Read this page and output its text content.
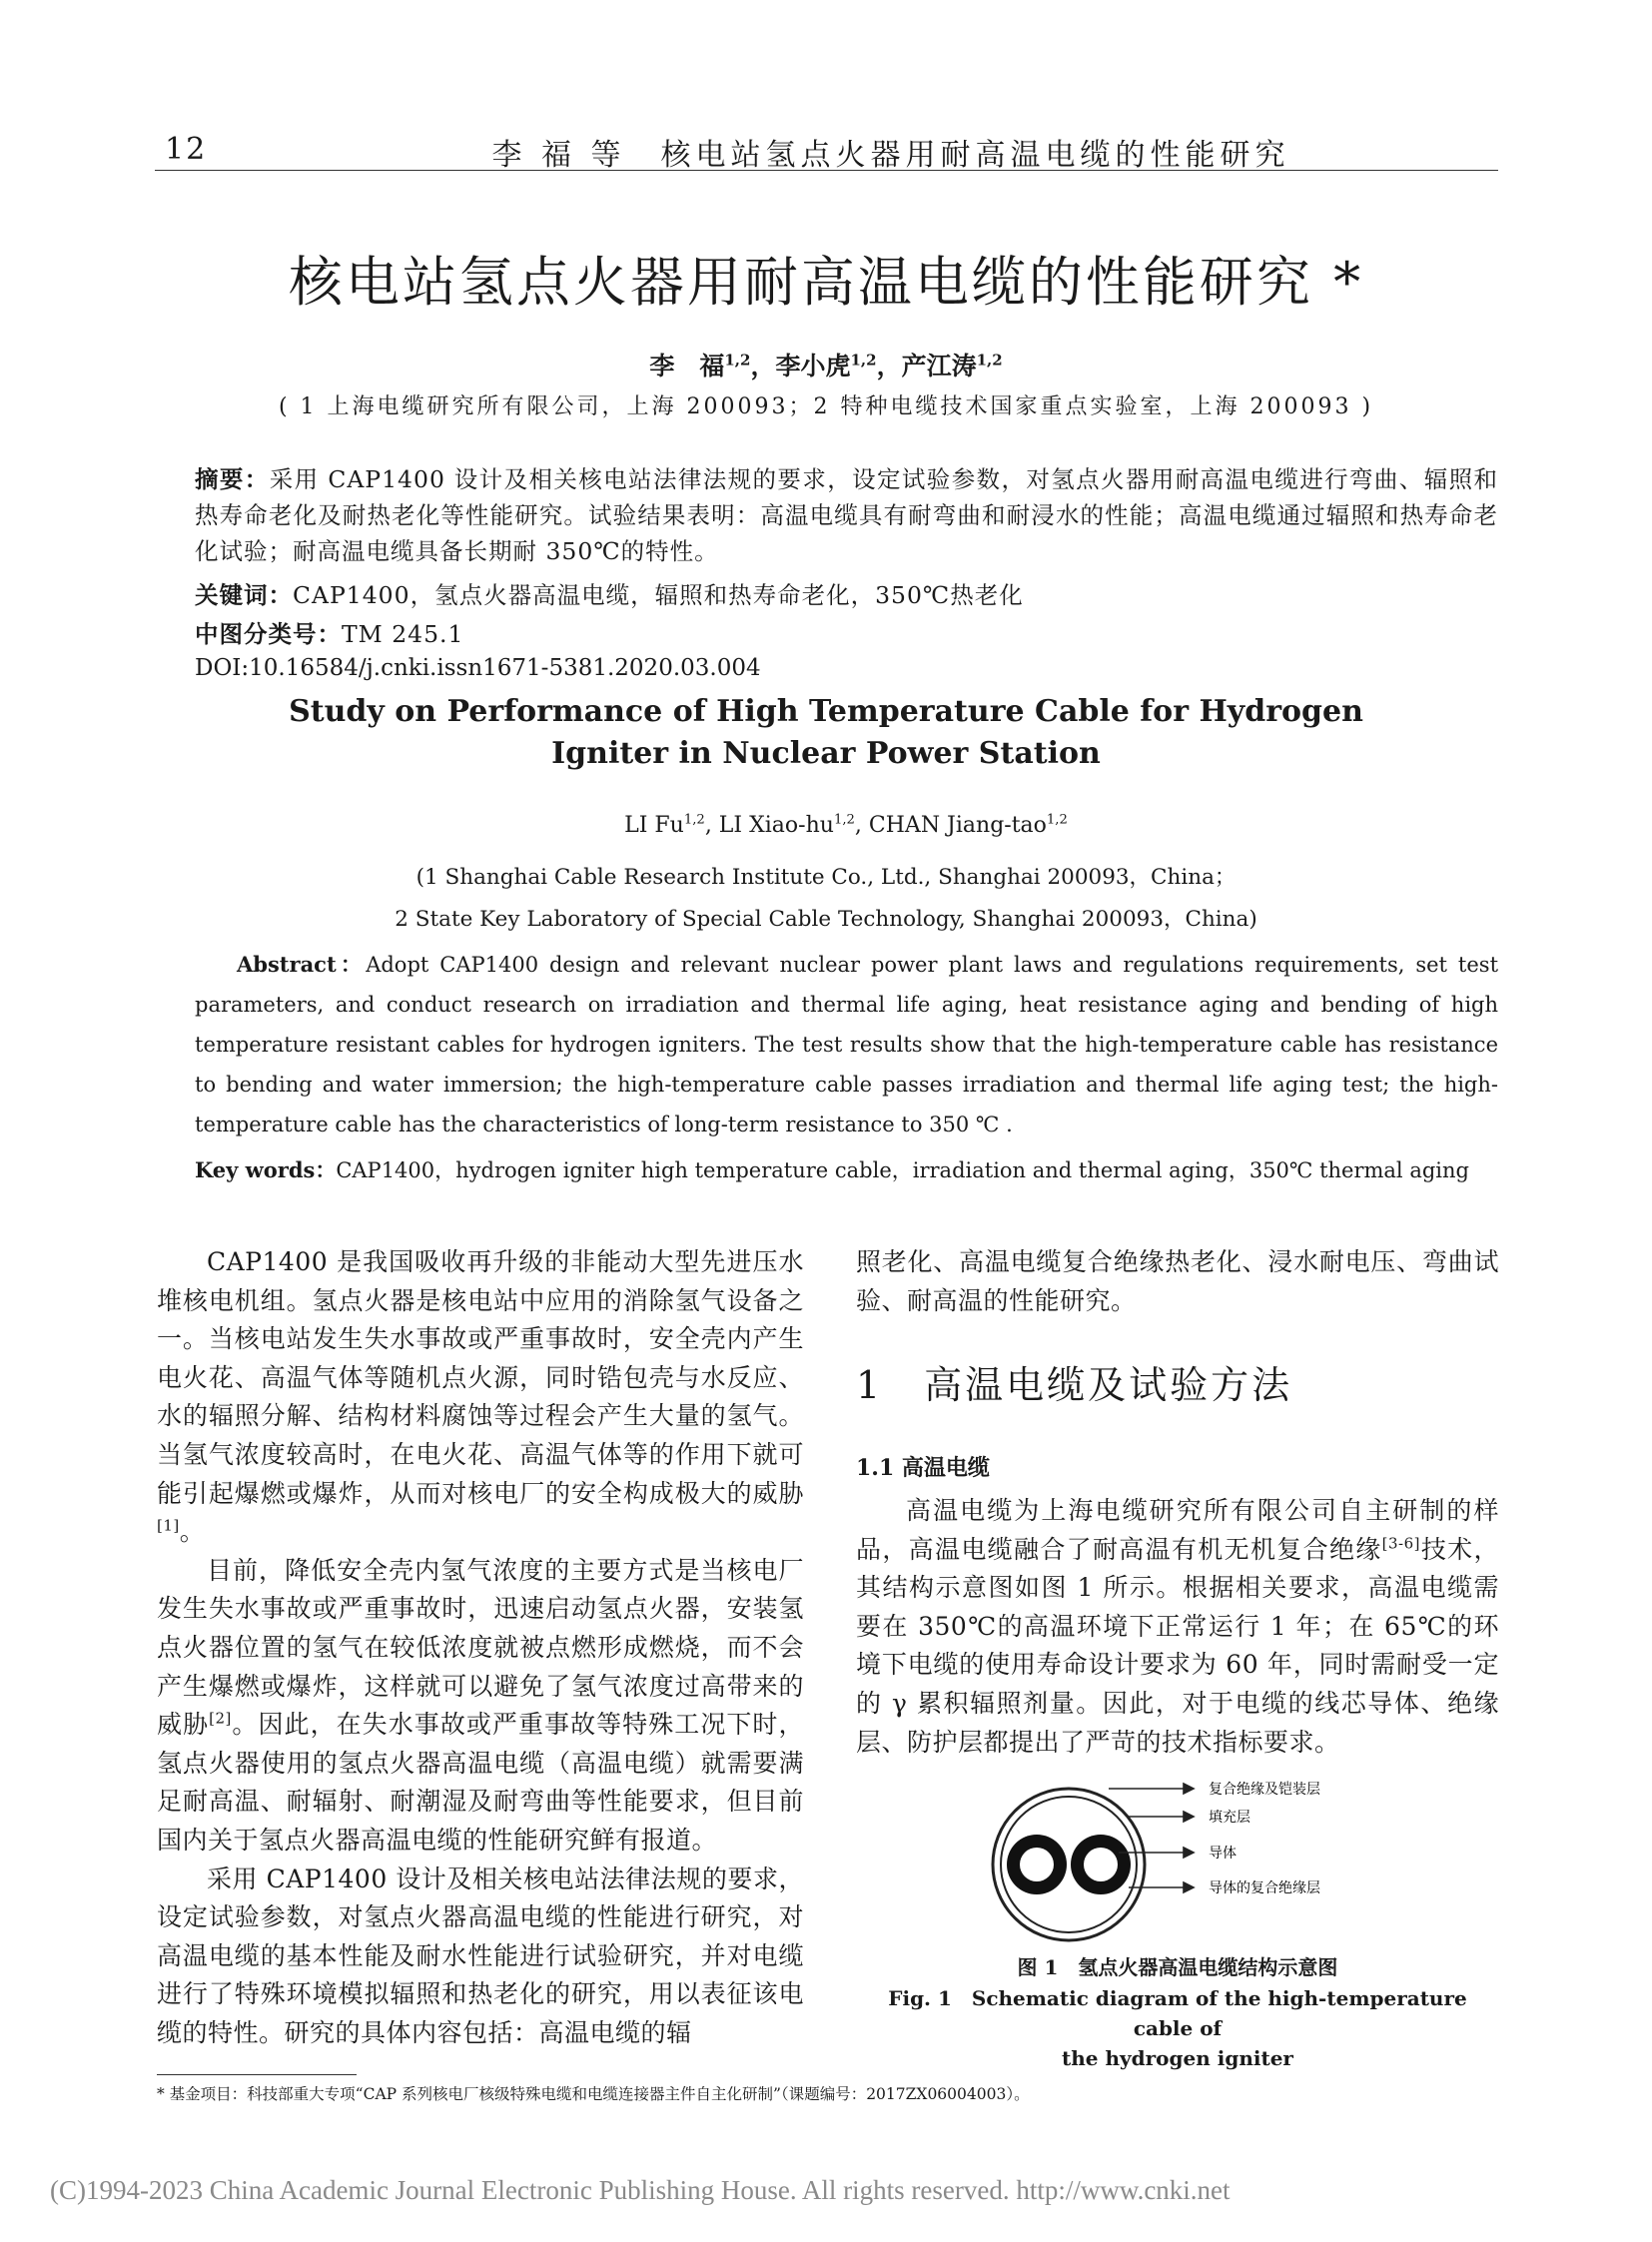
12	李 福 等　核电站氢点火器用耐高温电缆的性能研究
核电站氢点火器用耐高温电缆的性能研究 *
李　福$^{1,2}$，李小虎$^{1,2}$，产江涛$^{1,2}$
( 1 上海电缆研究所有限公司，上海 200093；2 特种电缆技术国家重点实验室，上海 200093 )
摘要：采用 CAP1400 设计及相关核电站法律法规的要求，设定试验参数，对氢点火器用耐高温电缆进行弯曲、辐照和热寿命老化及耐热老化等性能研究。试验结果表明：高温电缆具有耐弯曲和耐浸水的性能；高温电缆通过辐照和热寿命老化试验；耐高温电缆具备长期耐 350℃的特性。
关键词：CAP1400，氢点火器高温电缆，辐照和热寿命老化，350℃热老化
中图分类号：TM 245.1
DOI:10.16584/j.cnki.issn1671-5381.2020.03.004
Study on Performance of High Temperature Cable for Hydrogen
Igniter in Nuclear Power Station
LI Fu$^{1,2}$, LI Xiao-hu$^{1,2}$, CHAN Jiang-tao$^{1,2}$
(1 Shanghai Cable Research Institute Co., Ltd., Shanghai 200093，China；
2 State Key Laboratory of Special Cable Technology, Shanghai 200093，China)
Abstract：Adopt CAP1400 design and relevant nuclear power plant laws and regulations requirements, set test parameters, and conduct research on irradiation and thermal life aging, heat resistance aging and bending of high temperature resistant cables for hydrogen igniters. The test results show that the high-temperature cable has resistance to bending and water immersion; the high-temperature cable passes irradiation and thermal life aging test; the high-temperature cable has the characteristics of long-term resistance to 350 ℃ .
Key words：CAP1400，hydrogen igniter high temperature cable，irradiation and thermal aging，350℃ thermal aging

CAP1400 是我国吸收再升级的非能动大型先进压水堆核电机组。氢点火器是核电站中应用的消除氢气设备之一。当核电站发生失水事故或严重事故时，安全壳内产生电火花、高温气体等随机点火源，同时锆包壳与水反应、水的辐照分解、结构材料腐蚀等过程会产生大量的氢气。当氢气浓度较高时，在电火花、高温气体等的作用下就可能引起爆燃或爆炸，从而对核电厂的安全构成极大的威胁[1]。

目前，降低安全壳内氢气浓度的主要方式是当核电厂发生失水事故或严重事故时，迅速启动氢点火器，安装氢点火器位置的氢气在较低浓度就被点燃形成燃烧，而不会产生爆燃或爆炸，这样就可以避免了氢气浓度过高带来的威胁[2]。因此，在失水事故或严重事故等特殊工况下时，氢点火器使用的氢点火器高温电缆（高温电缆）就需要满足耐高温、耐辐射、耐潮湿及耐弯曲等性能要求，但目前国内关于氢点火器高温电缆的性能研究鲜有报道。

采用 CAP1400 设计及相关核电站法律法规的要求，设定试验参数，对氢点火器高温电缆的性能进行研究，对高温电缆的基本性能及耐水性能进行试验研究，并对电缆进行了特殊环境模拟辐照和热老化的研究，用以表征该电缆的特性。研究的具体内容包括：高温电缆的辐

照老化、高温电缆复合绝缘热老化、浸水耐电压、弯曲试验、耐高温的性能研究。

1　高温电缆及试验方法
1.1 高温电缆

高温电缆为上海电缆研究所有限公司自主研制的样品，高温电缆融合了耐高温有机无机复合绝缘[3-6]技术，其结构示意图如图 1 所示。根据相关要求，高温电缆需要在 350℃的高温环境下正常运行 1 年；在 65℃的环境下电缆的使用寿命设计要求为 60 年，同时需耐受一定的 γ 累积辐照剂量。因此，对于电缆的线芯导体、绝缘层、防护层都提出了严苛的技术指标要求。

复合绝缘及铠装层
填充层
导体
导体的复合绝缘层
图 1　氢点火器高温电缆结构示意图
Fig. 1　Schematic diagram of the high-temperature cable of
the hydrogen igniter
* 基金项目：科技部重大专项“CAP 系列核电厂核级特殊电缆和电缆连接器主件自主化研制”（课题编号：2017ZX06004003）。
(C)1994-2023 China Academic Journal Electronic Publishing House. All rights reserved. http://www.cnki.net
